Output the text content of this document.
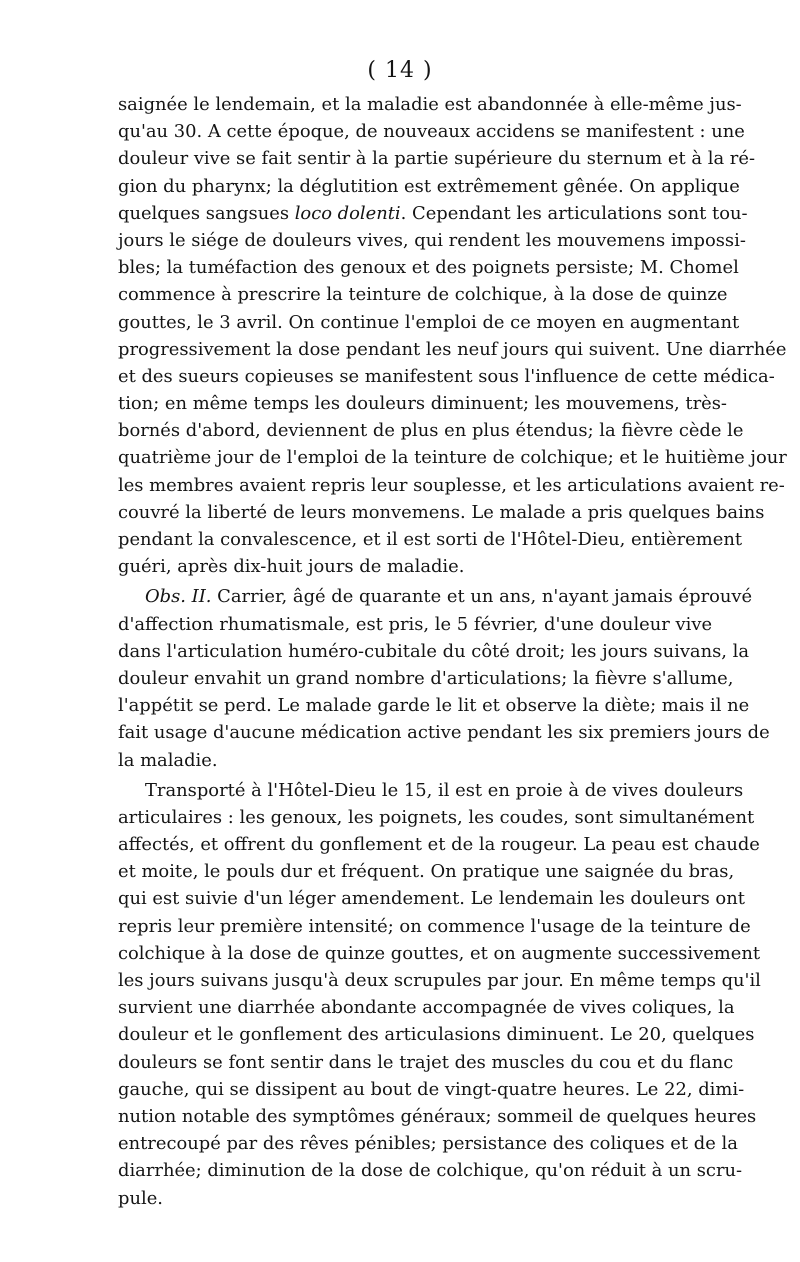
( 14 )
saignée le lendemain, et la maladie est abandonnée à elle-même jus-
qu'au 30. A cette époque, de nouveaux accidens se manifestent : une
douleur vive se fait sentir à la partie supérieure du sternum et à la ré-
gion du pharynx; la déglutition est extrêmement gênée. On applique
quelques sangsues loco dolenti. Cependant les articulations sont tou-
jours le siége de douleurs vives, qui rendent les mouvemens impossi-
bles; la tuméfaction des genoux et des poignets persiste; M. Chomel
commence à prescrire la teinture de colchique, à la dose de quinze
gouttes, le 3 avril. On continue l'emploi de ce moyen en augmentant
progressivement la dose pendant les neuf jours qui suivent. Une diarrhée
et des sueurs copieuses se manifestent sous l'influence de cette médica-
tion; en même temps les douleurs diminuent; les mouvemens, très-
bornés d'abord, deviennent de plus en plus étendus; la fièvre cède le
quatrième jour de l'emploi de la teinture de colchique; et le huitième jour
les membres avaient repris leur souplesse, et les articulations avaient re-
couvré la liberté de leurs monvemens. Le malade a pris quelques bains
pendant la convalescence, et il est sorti de l'Hôtel-Dieu, entièrement
guéri, après dix-huit jours de maladie.
Obs. II. Carrier, âgé de quarante et un ans, n'ayant jamais éprouvé
d'affection rhumatismale, est pris, le 5 février, d'une douleur vive
dans l'articulation huméro-cubitale du côté droit; les jours suivans, la
douleur envahit un grand nombre d'articulations; la fièvre s'allume,
l'appétit se perd. Le malade garde le lit et observe la diète; mais il ne
fait usage d'aucune médication active pendant les six premiers jours de
la maladie.
Transporté à l'Hôtel-Dieu le 15, il est en proie à de vives douleurs
articulaires : les genoux, les poignets, les coudes, sont simultanément
affectés, et offrent du gonflement et de la rougeur. La peau est chaude
et moite, le pouls dur et fréquent. On pratique une saignée du bras,
qui est suivie d'un léger amendement. Le lendemain les douleurs ont
repris leur première intensité; on commence l'usage de la teinture de
colchique à la dose de quinze gouttes, et on augmente successivement
les jours suivans jusqu'à deux scrupules par jour. En même temps qu'il
survient une diarrhée abondante accompagnée de vives coliques, la
douleur et le gonflement des articulasions diminuent. Le 20, quelques
douleurs se font sentir dans le trajet des muscles du cou et du flanc
gauche, qui se dissipent au bout de vingt-quatre heures. Le 22, dimi-
nution notable des symptômes généraux; sommeil de quelques heures
entrecoupé par des rêves pénibles; persistance des coliques et de la
diarrhée; diminution de la dose de colchique, qu'on réduit à un scru-
pule.
